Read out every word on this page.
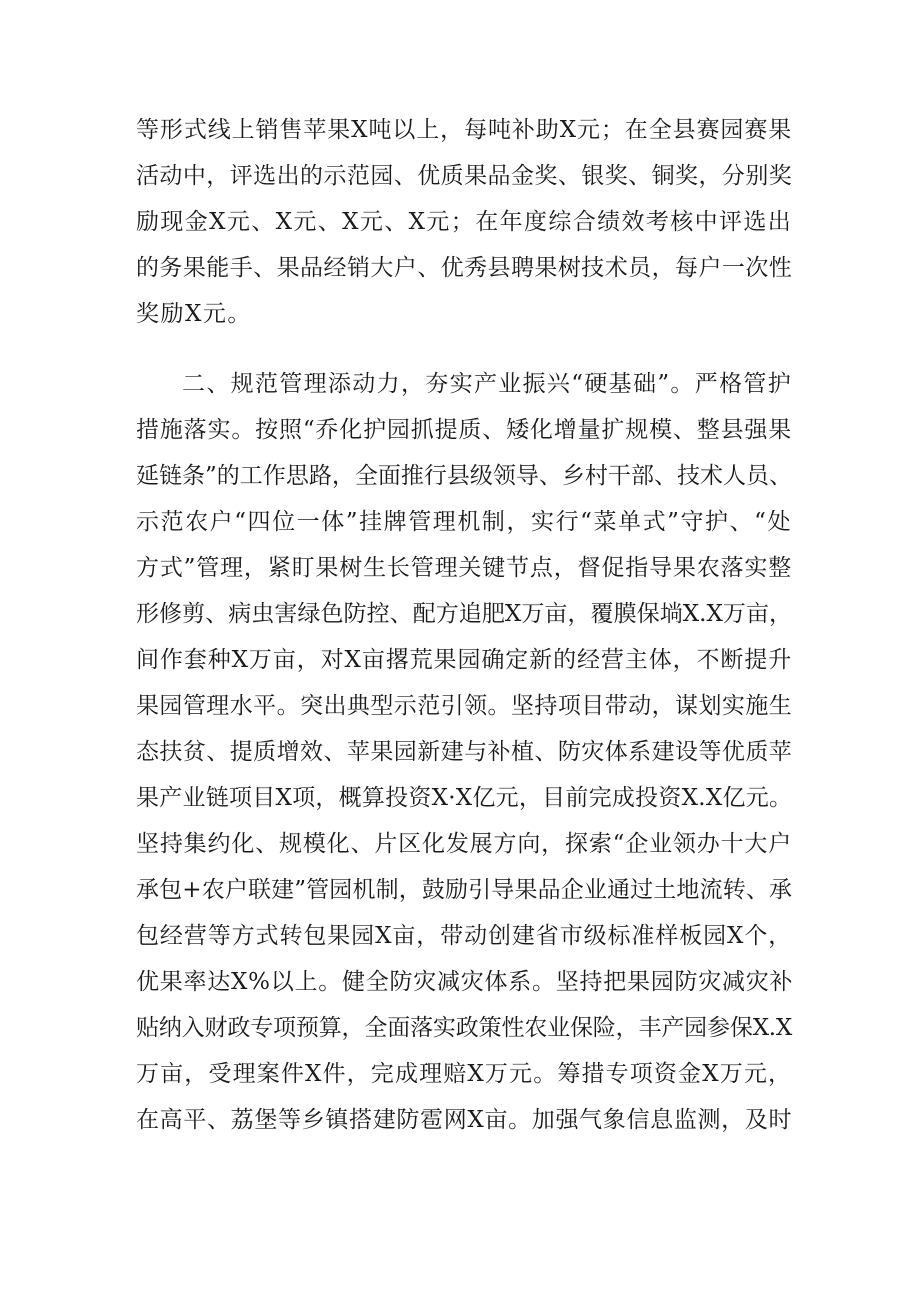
等形式线上销售苹果X吨以上，每吨补助X元；在全县赛园赛果
活动中，评选出的示范园、优质果品金奖、银奖、铜奖，分别奖
励现金X元、X元、X元、X元；在年度综合绩效考核中评选出
的务果能手、果品经销大户、优秀县聘果树技术员，每户一次性
奖励X元。
二、规范管理添动力，夯实产业振兴“硬基础”。严格管护
措施落实。按照“乔化护园抓提质、矮化增量扩规模、整县强果
延链条”的工作思路，全面推行县级领导、乡村干部、技术人员、
示范农户“四位一体”挂牌管理机制，实行“菜单式”守护、“处
方式”管理，紧盯果树生长管理关键节点，督促指导果农落实整
形修剪、病虫害绿色防控、配方追肥X万亩，覆膜保埫X.X万亩，
间作套种X万亩，对X亩撂荒果园确定新的经营主体，不断提升
果园管理水平。突出典型示范引领。坚持项目带动，谋划实施生
态扶贫、提质增效、苹果园新建与补植、防灾体系建设等优质苹
果产业链项目X项，概算投资X·X亿元，目前完成投资X.X亿元。
坚持集约化、规模化、片区化发展方向，探索“企业领办十大户
承包+农户联建”管园机制，鼓励引导果品企业通过土地流转、承
包经营等方式转包果园X亩，带动创建省市级标准样板园X个，
优果率达X%以上。健全防灾减灾体系。坚持把果园防灾减灾补
贴纳入财政专项预算，全面落实政策性农业保险，丰产园参保X.X
万亩，受理案件X件，完成理赔X万元。筹措专项资金X万元，
在高平、荔堡等乡镇搭建防雹网X亩。加强气象信息监测，及时
